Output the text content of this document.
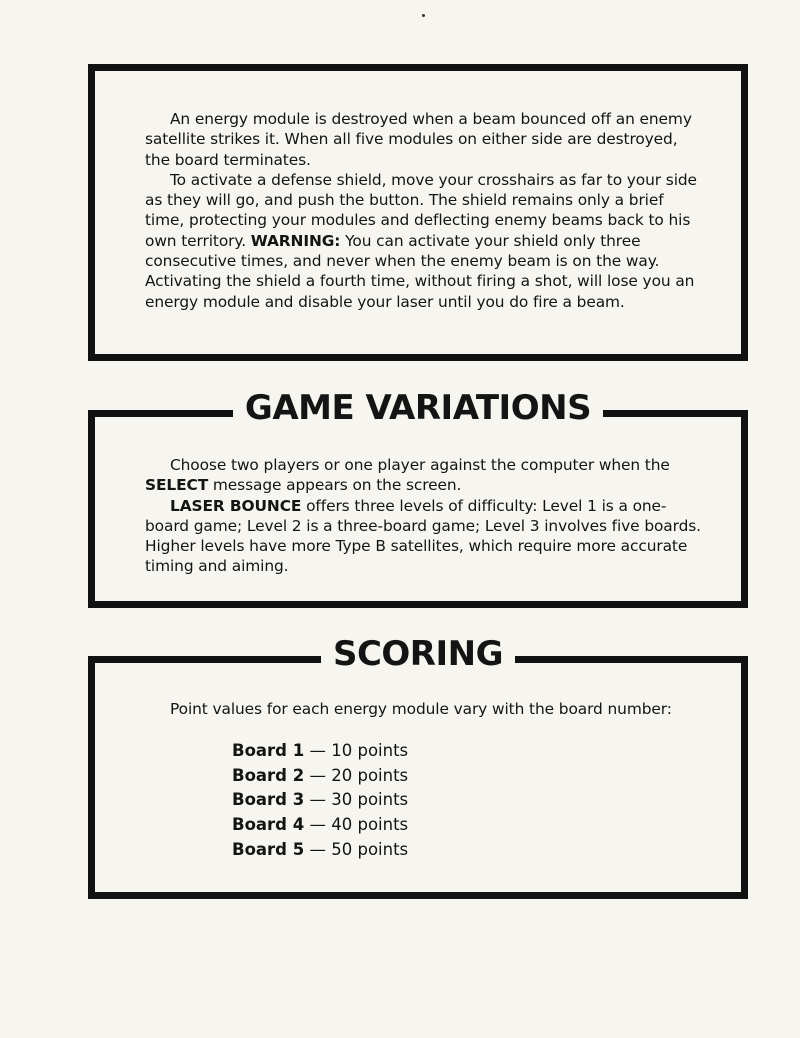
An energy module is destroyed when a beam bounced off an enemy satellite strikes it. When all five modules on either side are destroyed, the board terminates.

To activate a defense shield, move your crosshairs as far to your side as they will go, and push the button. The shield remains only a brief time, protecting your modules and deflecting enemy beams back to his own territory. WARNING: You can activate your shield only three consecutive times, and never when the enemy beam is on the way. Activating the shield a fourth time, without firing a shot, will lose you an energy module and disable your laser until you do fire a beam.

GAME VARIATIONS

Choose two players or one player against the computer when the SELECT message appears on the screen.

LASER BOUNCE offers three levels of difficulty: Level 1 is a one-board game; Level 2 is a three-board game; Level 3 involves five boards. Higher levels have more Type B satellites, which require more accurate timing and aiming.

SCORING

Point values for each energy module vary with the board number:

Board 1 — 10 points
Board 2 — 20 points
Board 3 — 30 points
Board 4 — 40 points
Board 5 — 50 points
